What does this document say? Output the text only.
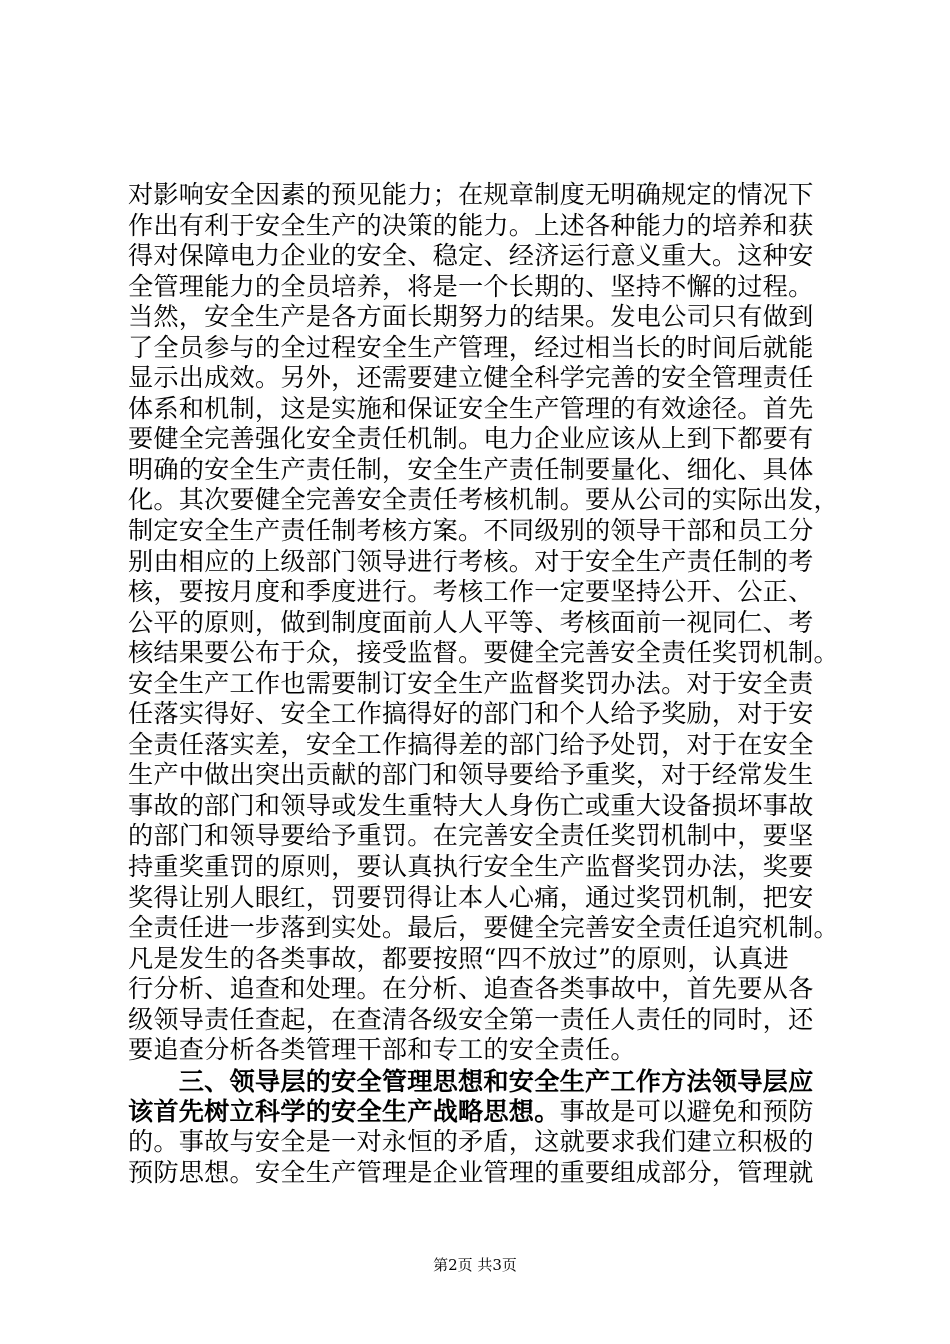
对影响安全因素的预见能力；在规章制度无明确规定的情况下
作出有利于安全生产的决策的能力。上述各种能力的培养和获
得对保障电力企业的安全、稳定、经济运行意义重大。这种安
全管理能力的全员培养，将是一个长期的、坚持不懈的过程。
当然，安全生产是各方面长期努力的结果。发电公司只有做到
了全员参与的全过程安全生产管理，经过相当长的时间后就能
显示出成效。另外，还需要建立健全科学完善的安全管理责任
体系和机制，这是实施和保证安全生产管理的有效途径。首先
要健全完善强化安全责任机制。电力企业应该从上到下都要有
明确的安全生产责任制，安全生产责任制要量化、细化、具体
化。其次要健全完善安全责任考核机制。要从公司的实际出发，
制定安全生产责任制考核方案。不同级别的领导干部和员工分
别由相应的上级部门领导进行考核。对于安全生产责任制的考
核，要按月度和季度进行。考核工作一定要坚持公开、公正、
公平的原则，做到制度面前人人平等、考核面前一视同仁、考
核结果要公布于众，接受监督。要健全完善安全责任奖罚机制。
安全生产工作也需要制订安全生产监督奖罚办法。对于安全责
任落实得好、安全工作搞得好的部门和个人给予奖励，对于安
全责任落实差，安全工作搞得差的部门给予处罚，对于在安全
生产中做出突出贡献的部门和领导要给予重奖，对于经常发生
事故的部门和领导或发生重特大人身伤亡或重大设备损坏事故
的部门和领导要给予重罚。在完善安全责任奖罚机制中，要坚
持重奖重罚的原则，要认真执行安全生产监督奖罚办法，奖要
奖得让别人眼红，罚要罚得让本人心痛，通过奖罚机制，把安
全责任进一步落到实处。最后，要健全完善安全责任追究机制。
凡是发生的各类事故，都要按照“四不放过”的原则，认真进
行分析、追查和处理。在分析、追查各类事故中，首先要从各
级领导责任查起，在查清各级安全第一责任人责任的同时，还
要追查分析各类管理干部和专工的安全责任。
　　三、领导层的安全管理思想和安全生产工作方法领导层应
该首先树立科学的安全生产战略思想。事故是可以避免和预防
的。事故与安全是一对永恒的矛盾，这就要求我们建立积极的
预防思想。安全生产管理是企业管理的重要组成部分，管理就
第2页 共3页
